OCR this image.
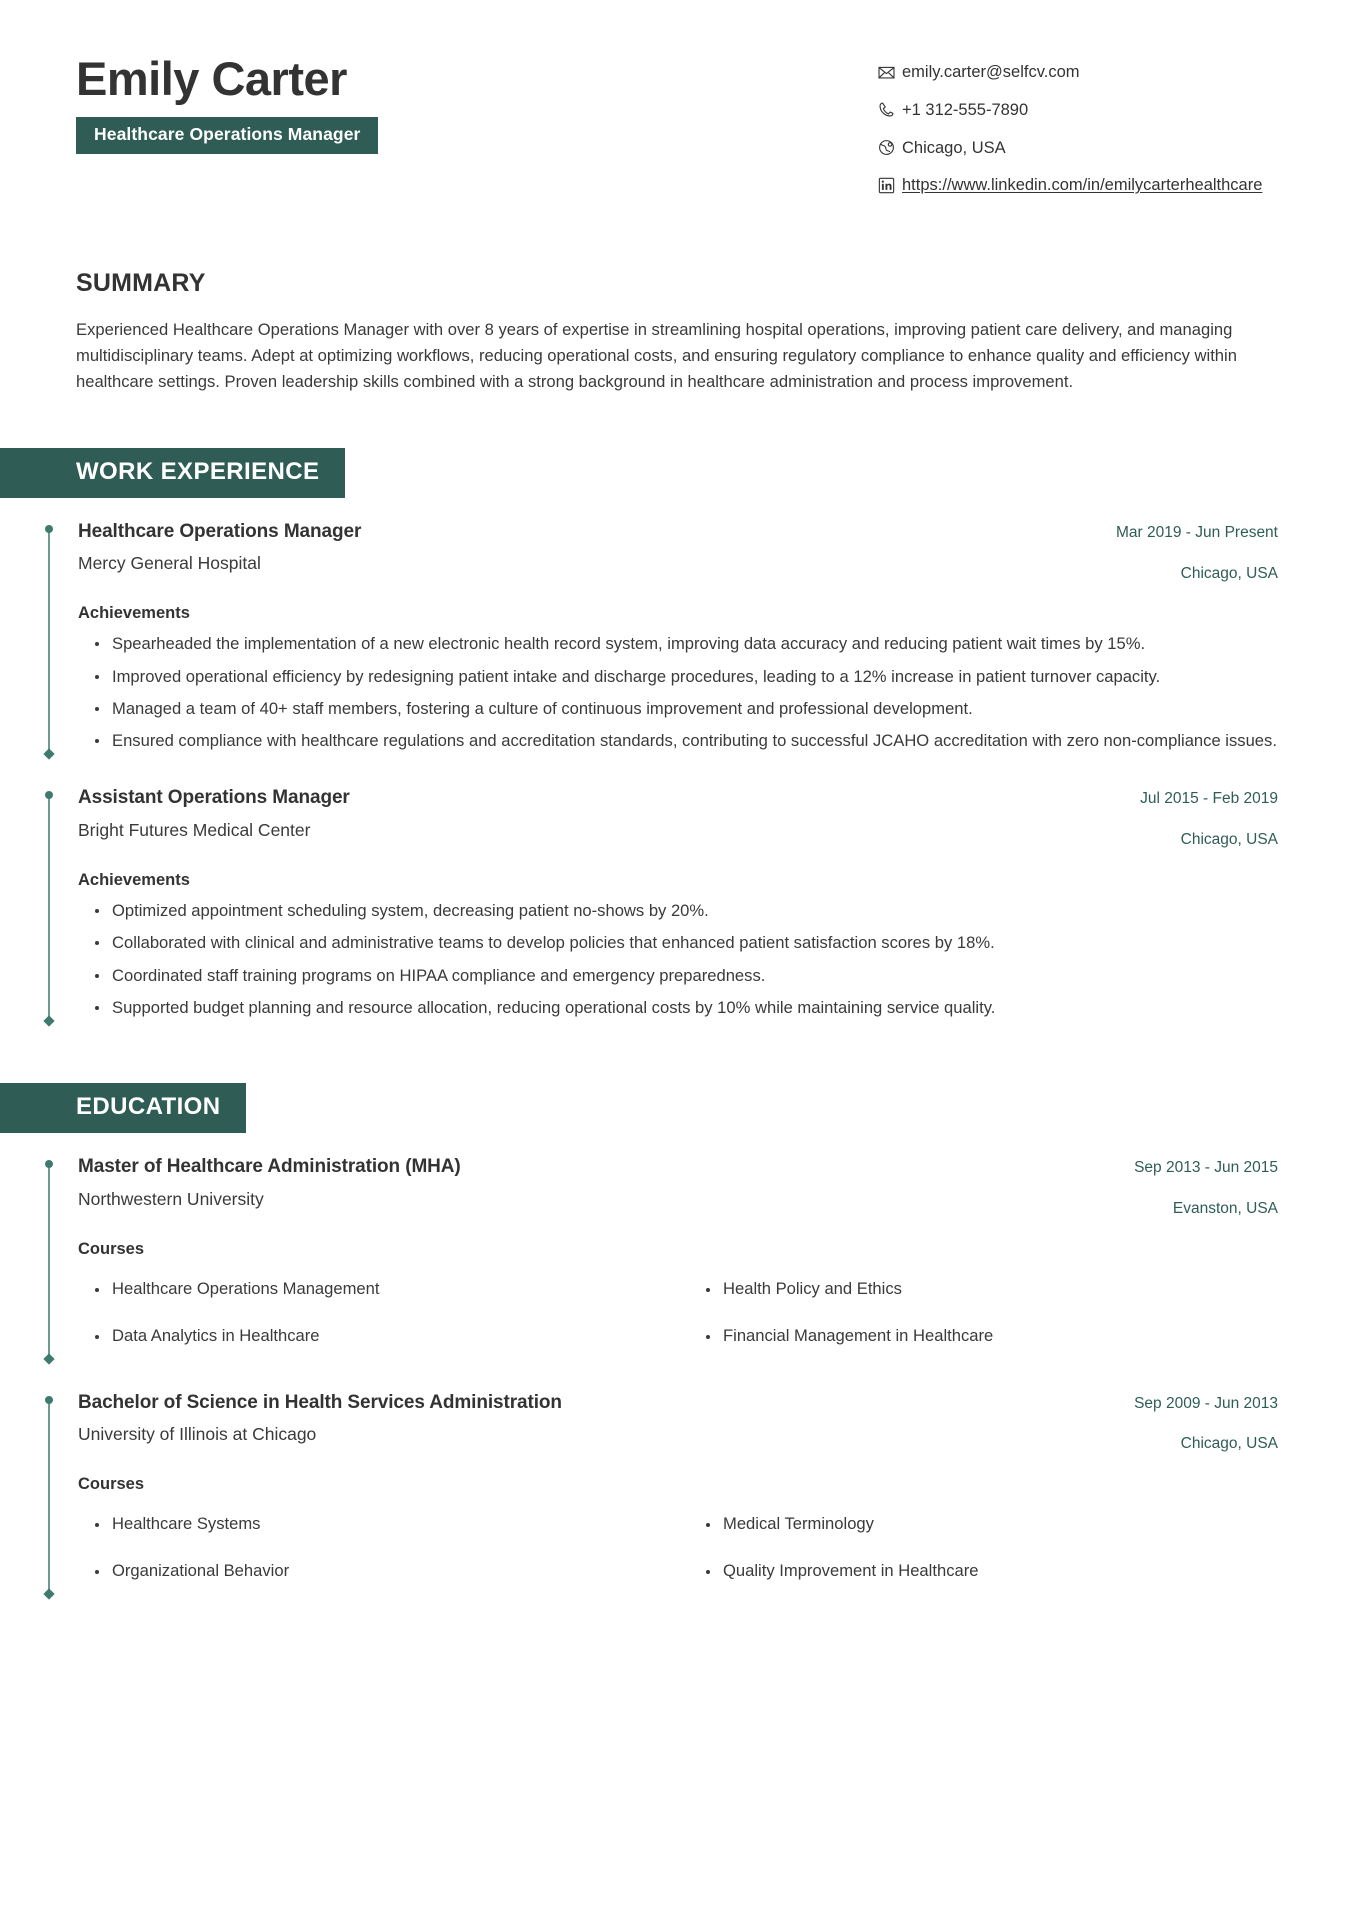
Emily Carter
Healthcare Operations Manager
emily.carter@selfcv.com
+1 312-555-7890
Chicago, USA
https://www.linkedin.com/in/emilycarterhealthcare
SUMMARY
Experienced Healthcare Operations Manager with over 8 years of expertise in streamlining hospital operations, improving patient care delivery, and managing multidisciplinary teams. Adept at optimizing workflows, reducing operational costs, and ensuring regulatory compliance to enhance quality and efficiency within healthcare settings. Proven leadership skills combined with a strong background in healthcare administration and process improvement.
WORK EXPERIENCE
Healthcare Operations Manager
Mercy General Hospital
Mar 2019 - Jun Present
Chicago, USA
Achievements
Spearheaded the implementation of a new electronic health record system, improving data accuracy and reducing patient wait times by 15%.
Improved operational efficiency by redesigning patient intake and discharge procedures, leading to a 12% increase in patient turnover capacity.
Managed a team of 40+ staff members, fostering a culture of continuous improvement and professional development.
Ensured compliance with healthcare regulations and accreditation standards, contributing to successful JCAHO accreditation with zero non-compliance issues.
Assistant Operations Manager
Bright Futures Medical Center
Jul 2015 - Feb 2019
Chicago, USA
Achievements
Optimized appointment scheduling system, decreasing patient no-shows by 20%.
Collaborated with clinical and administrative teams to develop policies that enhanced patient satisfaction scores by 18%.
Coordinated staff training programs on HIPAA compliance and emergency preparedness.
Supported budget planning and resource allocation, reducing operational costs by 10% while maintaining service quality.
EDUCATION
Master of Healthcare Administration (MHA)
Northwestern University
Sep 2013 - Jun 2015
Evanston, USA
Courses
Healthcare Operations Management	Health Policy and Ethics
Data Analytics in Healthcare	Financial Management in Healthcare
Bachelor of Science in Health Services Administration
University of Illinois at Chicago
Sep 2009 - Jun 2013
Chicago, USA
Courses
Healthcare Systems	Medical Terminology
Organizational Behavior	Quality Improvement in Healthcare
